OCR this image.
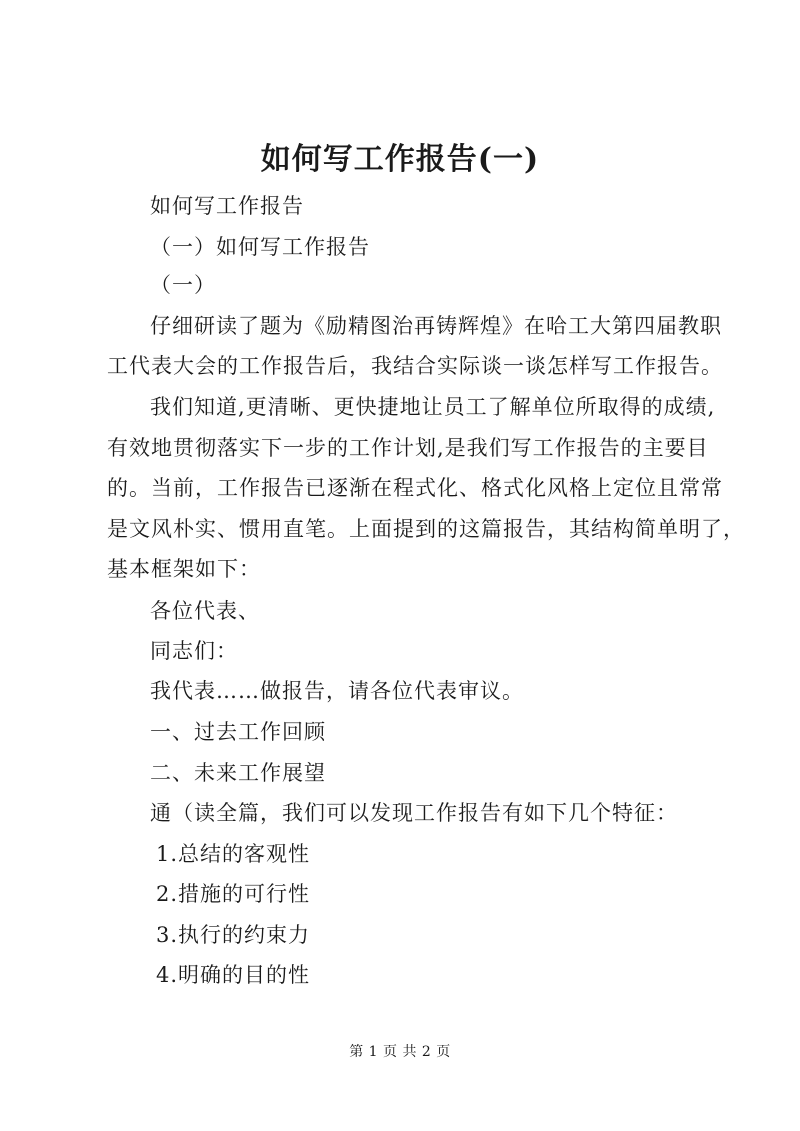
如何写工作报告(一)
如何写工作报告
（一）如何写工作报告
（一）
仔细研读了题为《励精图治再铸辉煌》在哈工大第四届教职
工代表大会的工作报告后，我结合实际谈一谈怎样写工作报告。
我们知道,更清晰、更快捷地让员工了解单位所取得的成绩,
有效地贯彻落实下一步的工作计划,是我们写工作报告的主要目
的。当前，工作报告已逐渐在程式化、格式化风格上定位且常常
是文风朴实、惯用直笔。上面提到的这篇报告，其结构简单明了，
基本框架如下：
各位代表、
同志们：
我代表……做报告，请各位代表审议。
一、过去工作回顾
二、未来工作展望
通（读全篇，我们可以发现工作报告有如下几个特征：
1.总结的客观性
2.措施的可行性
3.执行的约束力
4.明确的目的性
第 1 页 共 2 页
